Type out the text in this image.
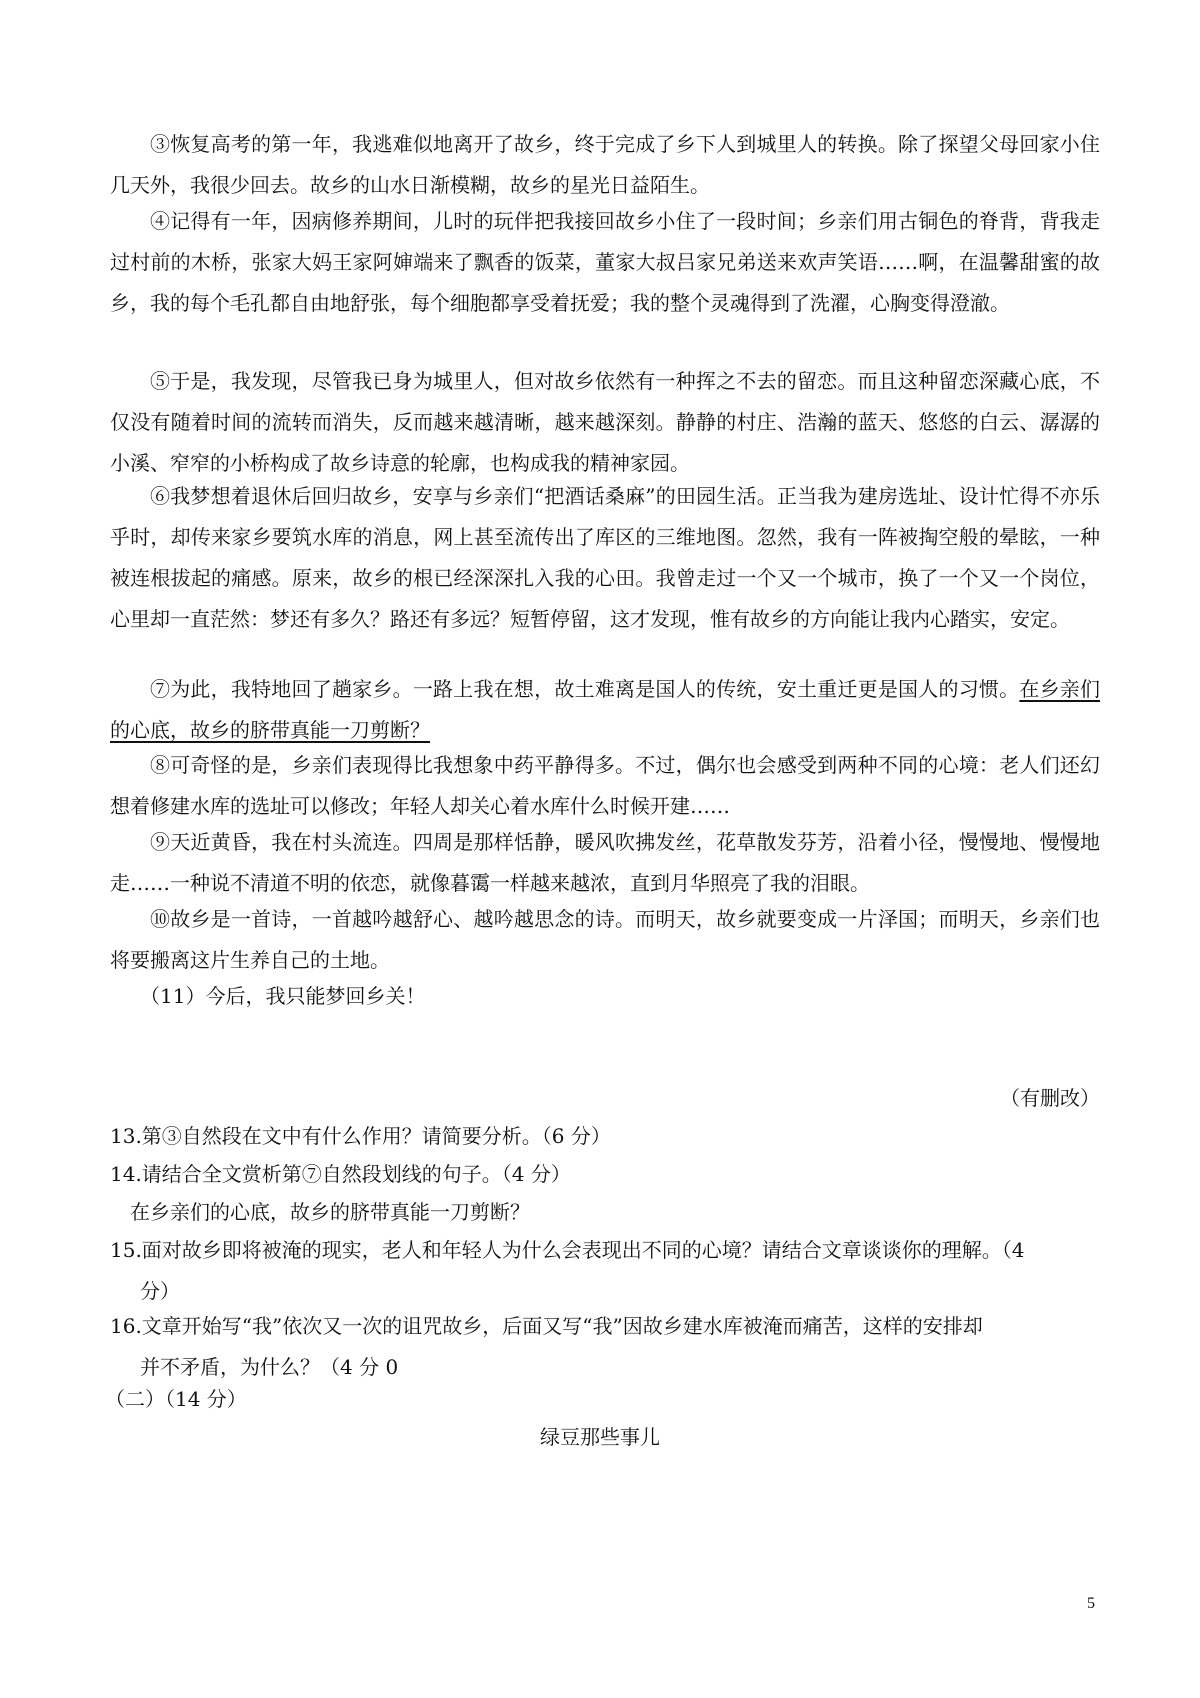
③恢复高考的第一年，我逃难似地离开了故乡，终于完成了乡下人到城里人的转换。除了探望父母回家小住几天外，我很少回去。故乡的山水日渐模糊，故乡的星光日益陌生。

④记得有一年，因病修养期间，儿时的玩伴把我接回故乡小住了一段时间；乡亲们用古铜色的脊背，背我走过村前的木桥，张家大妈王家阿婶端来了飘香的饭菜，董家大叔吕家兄弟送来欢声笑语……啊，在温馨甜蜜的故乡，我的每个毛孔都自由地舒张，每个细胞都享受着抚爱；我的整个灵魂得到了洗濯，心胸变得澄澈。

⑤于是，我发现，尽管我已身为城里人，但对故乡依然有一种挥之不去的留恋。而且这种留恋深藏心底，不仅没有随着时间的流转而消失，反而越来越清晰，越来越深刻。静静的村庄、浩瀚的蓝天、悠悠的白云、潺潺的小溪、窄窄的小桥构成了故乡诗意的轮廓，也构成我的精神家园。

⑥我梦想着退休后回归故乡，安享与乡亲们“把酒话桑麻”的田园生活。正当我为建房选址、设计忙得不亦乐乎时，却传来家乡要筑水库的消息，网上甚至流传出了库区的三维地图。忽然，我有一阵被掏空般的晕眩，一种被连根拔起的痛感。原来，故乡的根已经深深扎入我的心田。我曾走过一个又一个城市，换了一个又一个岗位，心里却一直茫然：梦还有多久？路还有多远？短暂停留，这才发现，惟有故乡的方向能让我内心踏实，安定。

⑦为此，我特地回了趟家乡。一路上我在想，故土难离是国人的传统，安土重迁更是国人的习惯。在乡亲们的心底，故乡的脐带真能一刀剪断？

⑧可奇怪的是，乡亲们表现得比我想象中药平静得多。不过，偶尔也会感受到两种不同的心境：老人们还幻想着修建水库的选址可以修改；年轻人却关心着水库什么时候开建……

⑨天近黄昏，我在村头流连。四周是那样恬静，暖风吹拂发丝，花草散发芬芳，沿着小径，慢慢地、慢慢地走……一种说不清道不明的依恋，就像暮霭一样越来越浓，直到月华照亮了我的泪眼。

⑩故乡是一首诗，一首越吟越舒心、越吟越思念的诗。而明天，故乡就要变成一片泽国；而明天，乡亲们也将要搬离这片生养自己的土地。

（11）今后，我只能梦回乡关！

（有删改）

13.第③自然段在文中有什么作用？请简要分析。（6 分）

14.请结合全文赏析第⑦自然段划线的句子。（4 分）

在乡亲们的心底，故乡的脐带真能一刀剪断？

15.面对故乡即将被淹的现实，老人和年轻人为什么会表现出不同的心境？请结合文章谈谈你的理解。（4
分）

16.文章开始写“我”依次又一次的诅咒故乡，后面又写“我”因故乡建水库被淹而痛苦，这样的安排却
并不矛盾，为什么？（4 分 0

（二）（14 分）

绿豆那些事儿
5
